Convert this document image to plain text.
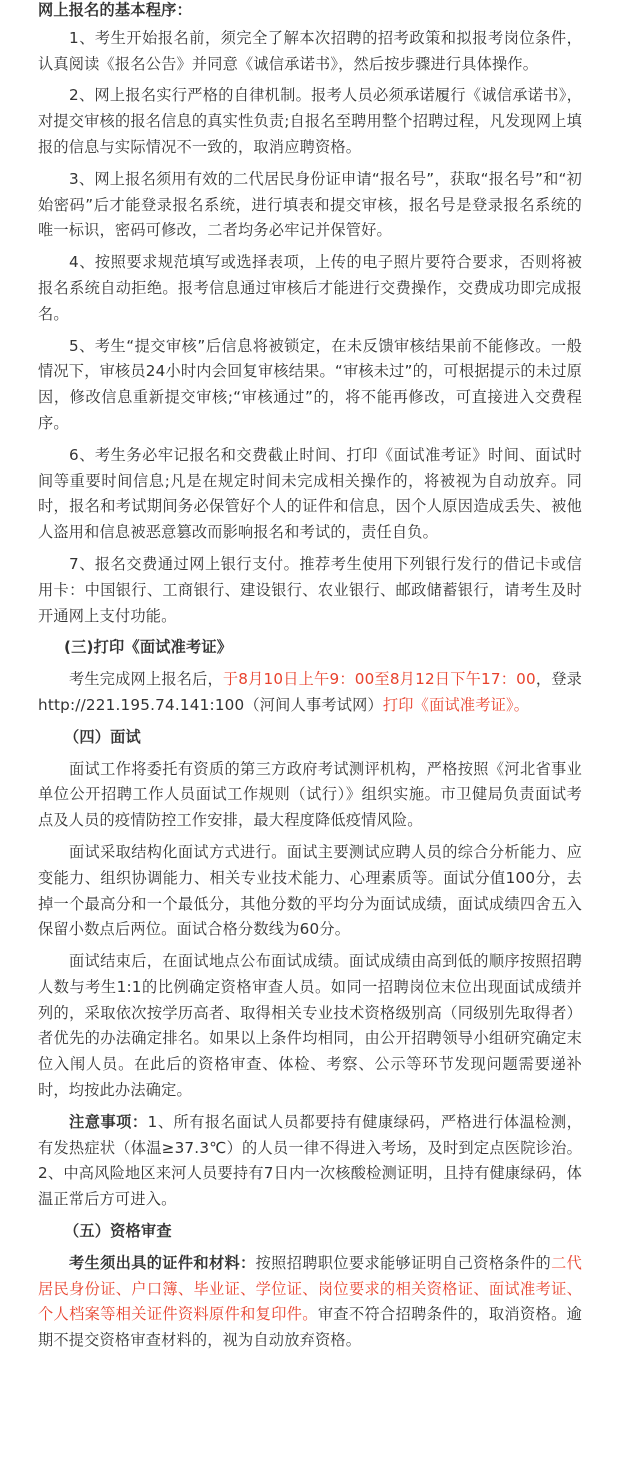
网上报名的基本程序：

1、考生开始报名前，须完全了解本次招聘的招考政策和拟报考岗位条件，认真阅读《报名公告》并同意《诚信承诺书》，然后按步骤进行具体操作。

2、网上报名实行严格的自律机制。报考人员必须承诺履行《诚信承诺书》，对提交审核的报名信息的真实性负责;自报名至聘用整个招聘过程，凡发现网上填报的信息与实际情况不一致的，取消应聘资格。

3、网上报名须用有效的二代居民身份证申请“报名号”，获取“报名号”和“初始密码”后才能登录报名系统，进行填表和提交审核，报名号是登录报名系统的唯一标识，密码可修改，二者均务必牢记并保管好。

4、按照要求规范填写或选择表项，上传的电子照片要符合要求，否则将被报名系统自动拒绝。报考信息通过审核后才能进行交费操作，交费成功即完成报名。

5、考生“提交审核”后信息将被锁定，在未反馈审核结果前不能修改。一般情况下，审核员24小时内会回复审核结果。“审核未过”的，可根据提示的未过原因，修改信息重新提交审核;“审核通过”的，将不能再修改，可直接进入交费程序。

6、考生务必牢记报名和交费截止时间、打印《面试准考证》时间、面试时间等重要时间信息;凡是在规定时间未完成相关操作的，将被视为自动放弃。同时，报名和考试期间务必保管好个人的证件和信息，因个人原因造成丢失、被他人盗用和信息被恶意篡改而影响报名和考试的，责任自负。

7、报名交费通过网上银行支付。推荐考生使用下列银行发行的借记卡或信用卡：中国银行、工商银行、建设银行、农业银行、邮政储蓄银行，请考生及时开通网上支付功能。

(三)打印《面试准考证》

考生完成网上报名后，于8月10日上午9：00至8月12日下午17：00，登录http://221.195.74.141:100（河间人事考试网）打印《面试准考证》。

（四）面试

面试工作将委托有资质的第三方政府考试测评机构，严格按照《河北省事业单位公开招聘工作人员面试工作规则（试行）》组织实施。市卫健局负责面试考点及人员的疫情防控工作安排，最大程度降低疫情风险。

面试采取结构化面试方式进行。面试主要测试应聘人员的综合分析能力、应变能力、组织协调能力、相关专业技术能力、心理素质等。面试分值100分，去掉一个最高分和一个最低分，其他分数的平均分为面试成绩，面试成绩四舍五入保留小数点后两位。面试合格分数线为60分。

面试结束后，在面试地点公布面试成绩。面试成绩由高到低的顺序按照招聘人数与考生1:1的比例确定资格审查人员。如同一招聘岗位末位出现面试成绩并列的，采取依次按学历高者、取得相关专业技术资格级别高（同级别先取得者）者优先的办法确定排名。如果以上条件均相同，由公开招聘领导小组研究确定末位入闱人员。在此后的资格审查、体检、考察、公示等环节发现问题需要递补时，均按此办法确定。

注意事项：1、所有报名面试人员都要持有健康绿码，严格进行体温检测，有发热症状（体温≥37.3℃）的人员一律不得进入考场，及时到定点医院诊治。2、中高风险地区来河人员要持有7日内一次核酸检测证明，且持有健康绿码，体温正常后方可进入。

（五）资格审查

考生须出具的证件和材料：按照招聘职位要求能够证明自己资格条件的二代居民身份证、户口簿、毕业证、学位证、岗位要求的相关资格证、面试准考证、个人档案等相关证件资料原件和复印件。审查不符合招聘条件的，取消资格。逾期不提交资格审查材料的，视为自动放弃资格。
